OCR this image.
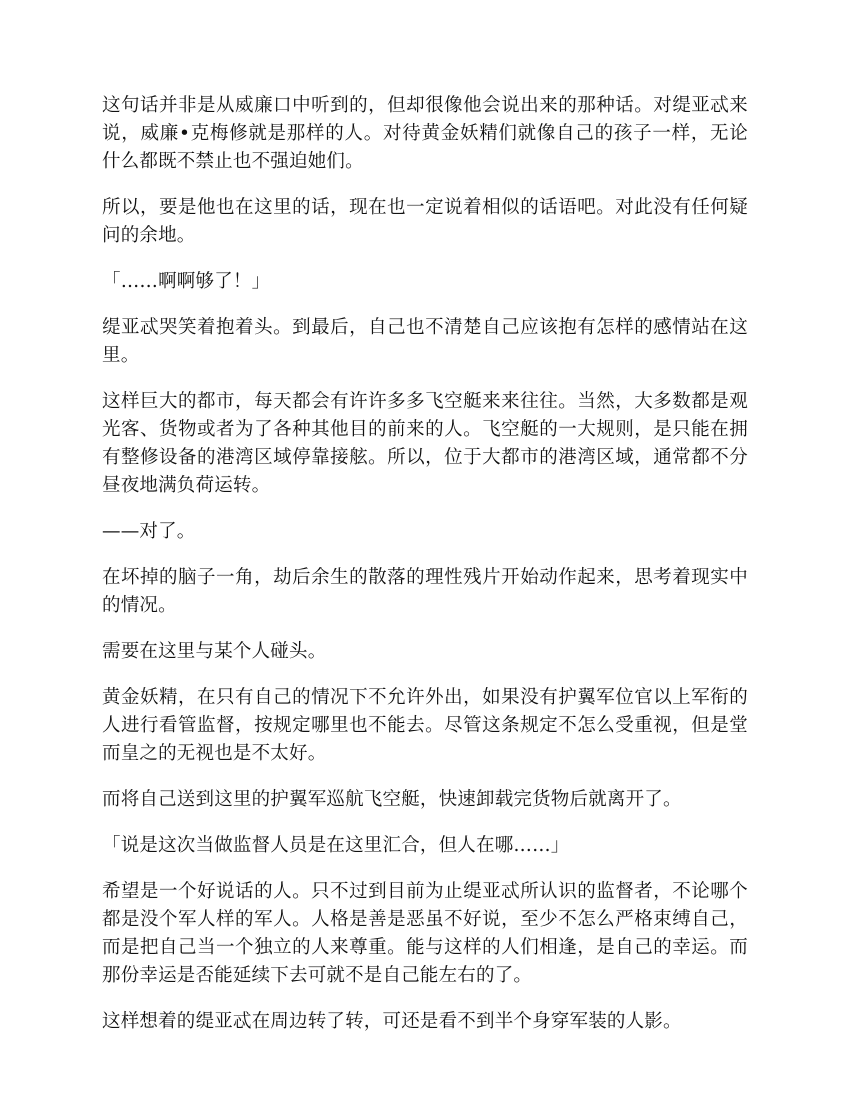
这句话并非是从威廉口中听到的，但却很像他会说出来的那种话。对缇亚忒来说，威廉•克梅修就是那样的人。对待黄金妖精们就像自己的孩子一样，无论什么都既不禁止也不强迫她们。

所以，要是他也在这里的话，现在也一定说着相似的话语吧。对此没有任何疑问的余地。

「……啊啊够了！」

缇亚忒哭笑着抱着头。到最后，自己也不清楚自己应该抱有怎样的感情站在这里。

这样巨大的都市，每天都会有许许多多飞空艇来来往往。当然，大多数都是观光客、货物或者为了各种其他目的前来的人。飞空艇的一大规则，是只能在拥有整修设备的港湾区域停靠接舷。所以，位于大都市的港湾区域，通常都不分昼夜地满负荷运转。

——对了。

在坏掉的脑子一角，劫后余生的散落的理性残片开始动作起来，思考着现实中的情况。

需要在这里与某个人碰头。

黄金妖精，在只有自己的情况下不允许外出，如果没有护翼军位官以上军衔的人进行看管监督，按规定哪里也不能去。尽管这条规定不怎么受重视，但是堂而皇之的无视也是不太好。

而将自己送到这里的护翼军巡航飞空艇，快速卸载完货物后就离开了。

「说是这次当做监督人员是在这里汇合，但人在哪……」

希望是一个好说话的人。只不过到目前为止缇亚忒所认识的监督者，不论哪个都是没个军人样的军人。人格是善是恶虽不好说，至少不怎么严格束缚自己，而是把自己当一个独立的人来尊重。能与这样的人们相逢，是自己的幸运。而那份幸运是否能延续下去可就不是自己能左右的了。

这样想着的缇亚忒在周边转了转，可还是看不到半个身穿军装的人影。
